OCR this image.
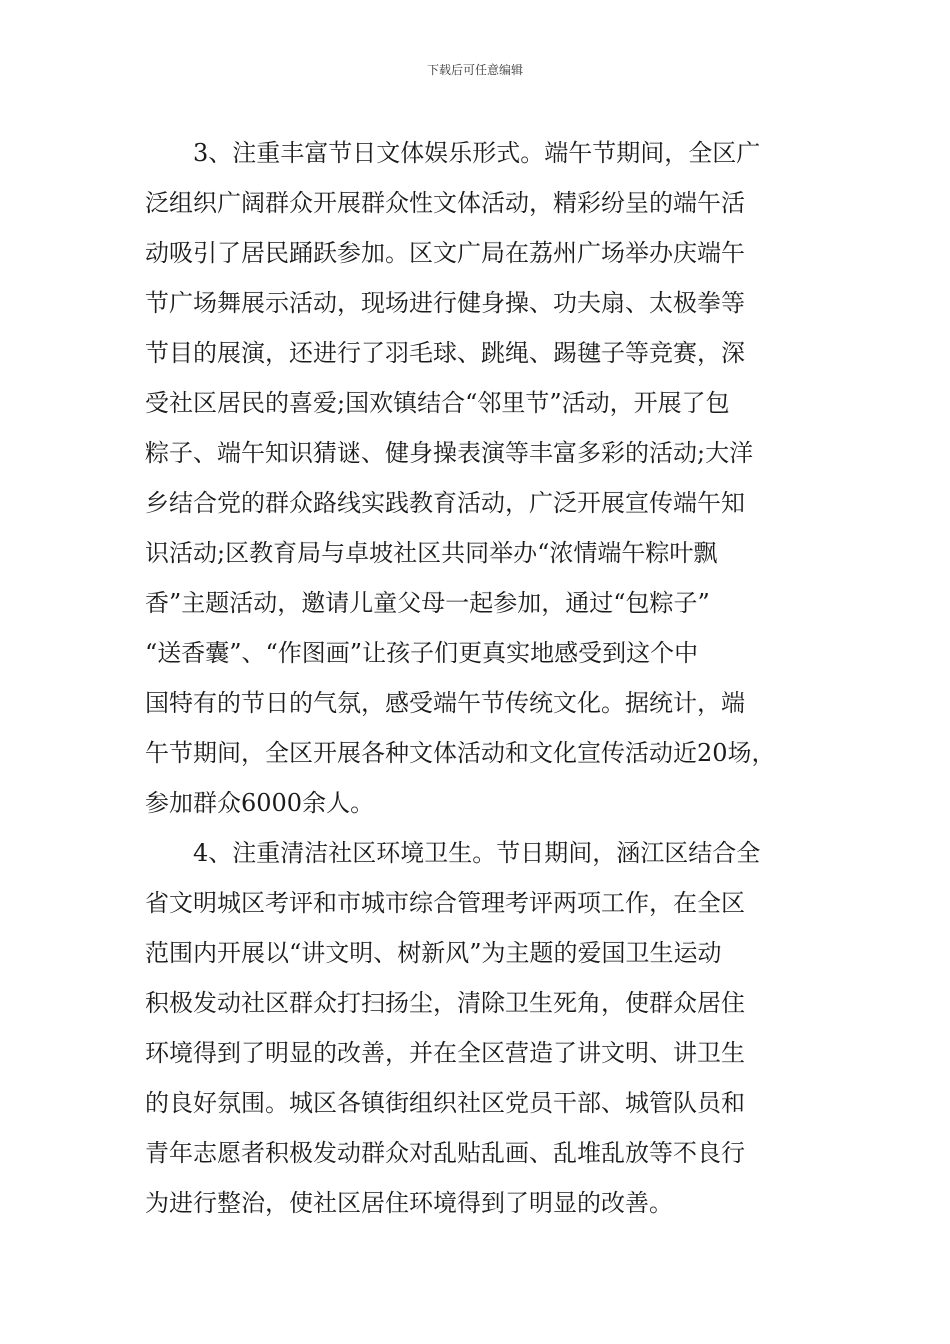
下载后可任意编辑
3、注重丰富节日文体娱乐形式。端午节期间，全区广
泛组织广阔群众开展群众性文体活动，精彩纷呈的端午活
动吸引了居民踊跃参加。区文广局在荔州广场举办庆端午
节广场舞展示活动，现场进行健身操、功夫扇、太极拳等
节目的展演，还进行了羽毛球、跳绳、踢毽子等竞赛，深
受社区居民的喜爱;国欢镇结合“邻里节”活动，开展了包
粽子、端午知识猜谜、健身操表演等丰富多彩的活动;大洋
乡结合党的群众路线实践教育活动，广泛开展宣传端午知
识活动;区教育局与卓坡社区共同举办“浓情端午粽叶飘
香”主题活动，邀请儿童父母一起参加，通过“包粽子”
“送香囊”、“作图画”让孩子们更真实地感受到这个中
国特有的节日的气氛，感受端午节传统文化。据统计，端
午节期间，全区开展各种文体活动和文化宣传活动近20场，
参加群众6000余人。
4、注重清洁社区环境卫生。节日期间，涵江区结合全
省文明城区考评和市城市综合管理考评两项工作，在全区
范围内开展以“讲文明、树新风”为主题的爱国卫生运动
积极发动社区群众打扫扬尘，清除卫生死角，使群众居住
环境得到了明显的改善，并在全区营造了讲文明、讲卫生
的良好氛围。城区各镇街组织社区党员干部、城管队员和
青年志愿者积极发动群众对乱贴乱画、乱堆乱放等不良行
为进行整治，使社区居住环境得到了明显的改善。
